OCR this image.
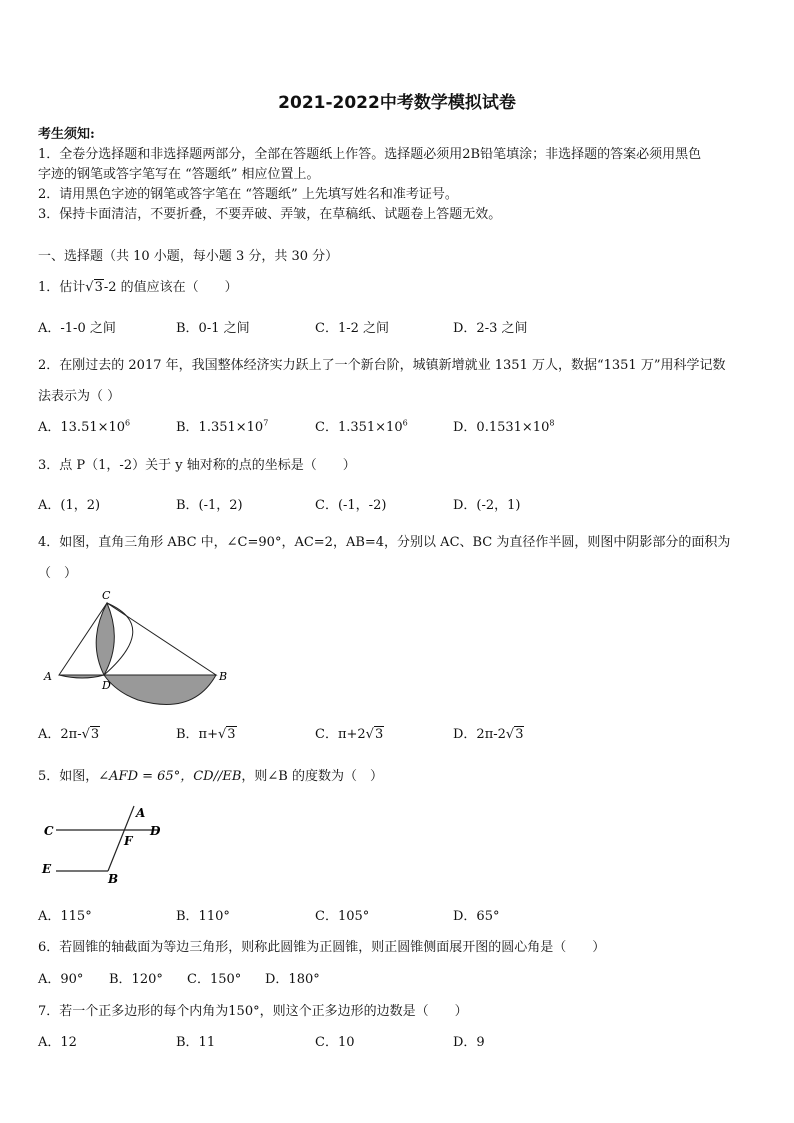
2021-2022中考数学模拟试卷
考生须知:
1．全卷分选择题和非选择题两部分，全部在答题纸上作答。选择题必须用2B铅笔填涂；非选择题的答案必须用黑色
字迹的钢笔或答字笔写在 “答题纸” 相应位置上。
2．请用黑色字迹的钢笔或答字笔在 “答题纸” 上先填写姓名和准考证号。
3．保持卡面清洁，不要折叠，不要弄破、弄皱，在草稿纸、试题卷上答题无效。
一、选择题（共 10 小题，每小题 3 分，共 30 分）
1．估计√3-2 的值应该在（　　）
A．-1-0 之间	B．0-1 之间	C．1-2 之间	D．2-3 之间
2．在刚过去的 2017 年，我国整体经济实力跃上了一个新台阶，城镇新增就业 1351 万人，数据“1351 万”用科学记数
法表示为（ ）
A．$13.51\times 10^6$	B．$1.351\times 10^7$	C．$1.351\times 10^6$	D．$0.1531\times 10^8$
3．点 P（1，-2）关于 y 轴对称的点的坐标是（　　）
A．(1，2)	B．(-1，2)	C．(-1，-2)	D．(-2，1)
4．如图，直角三角形 ABC 中，∠C=90°，AC=2，AB=4，分别以 AC、BC 为直径作半圆，则图中阴影部分的面积为
（　）
C
A
D
B
A．2π-√3	B．π+√3	C．π+2√3	D．2π-2√3
5．如图，∠AFD = 65°，CD//EB，则∠B 的度数为（　）
C	D
A
F
E
B
A．115°	B．110°	C．105°	D．65°
6．若圆锥的轴截面为等边三角形，则称此圆锥为正圆锥，则正圆锥侧面展开图的圆心角是（　　）
A．90° B．120° C．150° D．180°
7．若一个正多边形的每个内角为150°，则这个正多边形的边数是（　　）
A．12	B．11	C．10	D．9
